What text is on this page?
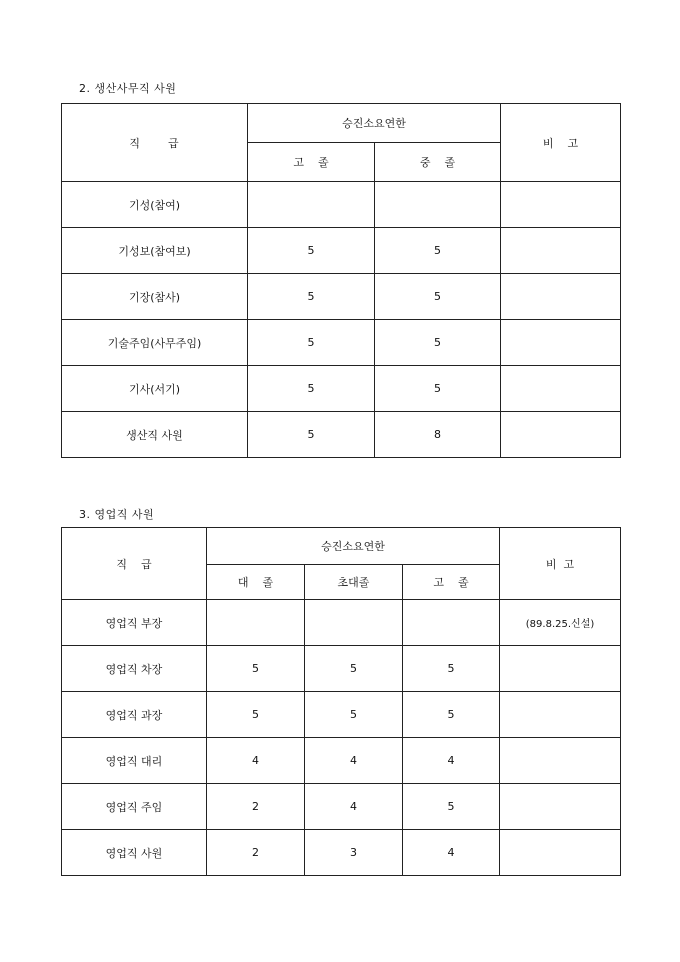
2. 생산사무직 사원
직      급	승진소요연한		비    고
	고    졸	중    졸	
기성(참여)			
기성보(참여보)	5	5	
기장(참사)	5	5	
기술주임(사무주임)	5	5	
기사(서기)	5	5	
생산직 사원	5	8	
3. 영업직 사원
직    급	승진소요연한			비  고
	대    졸	초대졸	고    졸	
영업직 부장				(89.8.25.신설)
영업직 차장	5	5	5	
영업직 과장	5	5	5	
영업직 대리	4	4	4	
영업직 주임	2	4	5	
영업직 사원	2	3	4	
